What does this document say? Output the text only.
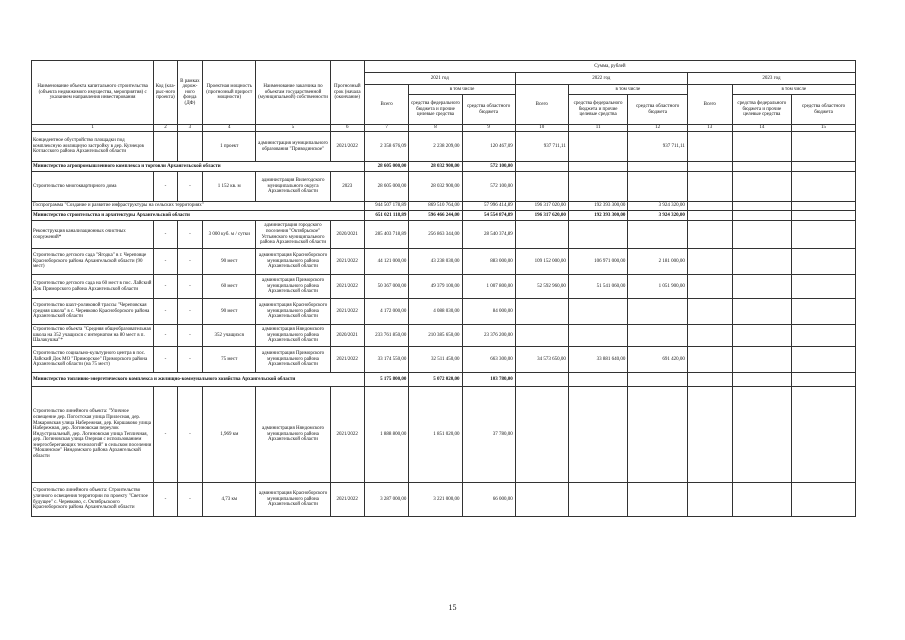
Наименование объекта капитального строительства (объекта недвижимого имущества, мероприятия) с указанием направления инвестирования	Код (кла-рыс-ного проекта)	В рамках дорож-ного фонда (ДФ)	Проектная мощность (прогнозный прирост мощности)	Наименование заказчика по объектам государственной (муниципальной) собственности	Прогнозный срок (начала (окончание)	Сумма, рублей								
						2021 год			2022 год			2023 год		
						Всего	в том числе		Всего	в том числе		Всего	в том числе	
							средства федерального бюджета и прочие целевые средства	средства областного бюджета		средства федерального бюджета и прочие целевые средства	средства областного бюджета		средства федерального бюджета и прочие целевые средства	средства областного бюджета
1	2	3	4	5	6	7	8	9	10	11	12	13	14	15
Концедентное обустройство площадки под комплексную жилищную застройку в дер. Кузнецов Котласского района Архангельской области			1 проект	администрация муниципального образования "Приводинское"	2021/2022	2 358 676,09	2 238 209,00	120 467,09	937 711,11		937 711,11			
Министерство агропромышленного комплекса и торговли Архангельской области						28 605 000,00	28 032 900,00	572 100,00						
Строительство многоквартирного дома	-	-	1 152 кв. м	администрация Вилегодского муниципального округа Архангельской области	2023	28 605 000,00	28 032 900,00	572 100,00						
Госпрограмма "Создание и развитие инфраструктуры на сельских территориях"						944 507 178,89	869 510 764,00	57 996 414,89	196 317 020,00	192 393 300,00	3 924 320,00			
Министерство строительства и архитектуры Архангельской области						651 021 118,89	596 466 244,00	54 554 874,89	196 317 620,00	192 393 300,00	3 924 320,00			
Реконструкция канализационных очистных сооружений*	-	-	3 000 куб. м / сутки	администрация городского поселения "Октябрьское" Устьянского муниципального района Архангельской области	2020/2021	285 403 718,89	256 863 344,00	28 540 374,89						
Строительство детского сада "Ягодка" в г. Череповце Красноборского района Архангельской области (90 мест)	-	-	90 мест	администрация Красноборского муниципального района Архангельской области	2021/2022	44 121 000,00	43 238 030,00	883 000,00	109 152 000,00	106 971 000,00	2 181 000,00			
Строительство детского сада на 60 мест в пос. Лайский Док Приморского района Архангельской области	-	-	60 мест	администрация Приморского муниципального района Архангельской области	2021/2022	50 367 000,00	49 379 100,00	1 007 800,00	52 592 960,00	51 541 060,00	1 051 900,00			
Строительство шахт-роликовой трассы "Череповская средняя школа" в с. Черевково Красноборского района Архангельской области	-	-	90 мест	администрация Красноборского муниципального района Архангельской области	2021/2022	4 172 000,00	4 088 030,00	84 000,00						
Строительство объекта "Средняя общеобразовательная школа на 352 учащихся с интернатом на 80 мест в п. Шалакушка"*	-	-	352 учащихся	администрация Няндомского муниципального района Архангельской области	2020/2021	233 761 850,00	210 385 650,00	23 376 200,00						
Строительство социально-культурного центра в пос. Лайский Док МО "Приморское" Приморского района Архангельской области (на 75 мест)	-	-	75 мест	администрация Приморского муниципального района Архангельской области	2021/2022	33 174 550,00	32 511 450,00	663 300,00	34 573 650,00	33 881 640,00	691 420,00			
Министерство топливно-энергетического комплекса и жилищно-коммунального хозяйства Архангельской области						5 175 800,00	5 072 020,00	103 780,00						
Строительство линейного объекта: "Уличное освещение дер. Погостская улица Прилесная, дер. Макаровская улица Набережная, дер. Коршаково улица Набережная, дер. Логиновская переулок Индустриальный, дер. Логиновская улица Тепличная, дер. Логиновская улица Озерная с использованием энергосберегающих технологий" в сельском поселении "Мошинское" Няндомского района Архангельской области	-	-	1,969 км	администрация Няндомского муниципального района Архангельской области	2021/2022	1 888 800,00	1 851 020,00	37 780,00						
Строительство линейного объекта: Строительство уличного освещения территории по проекту "Светлое будущее" с. Черевково, с. Октябрьскоого Красноборского района Архангельской области	-	-	4,73 км	администрация Красноборского муниципального района Архангельской области	2021/2022	3 287 000,00	3 221 000,00	66 000,00						
15
